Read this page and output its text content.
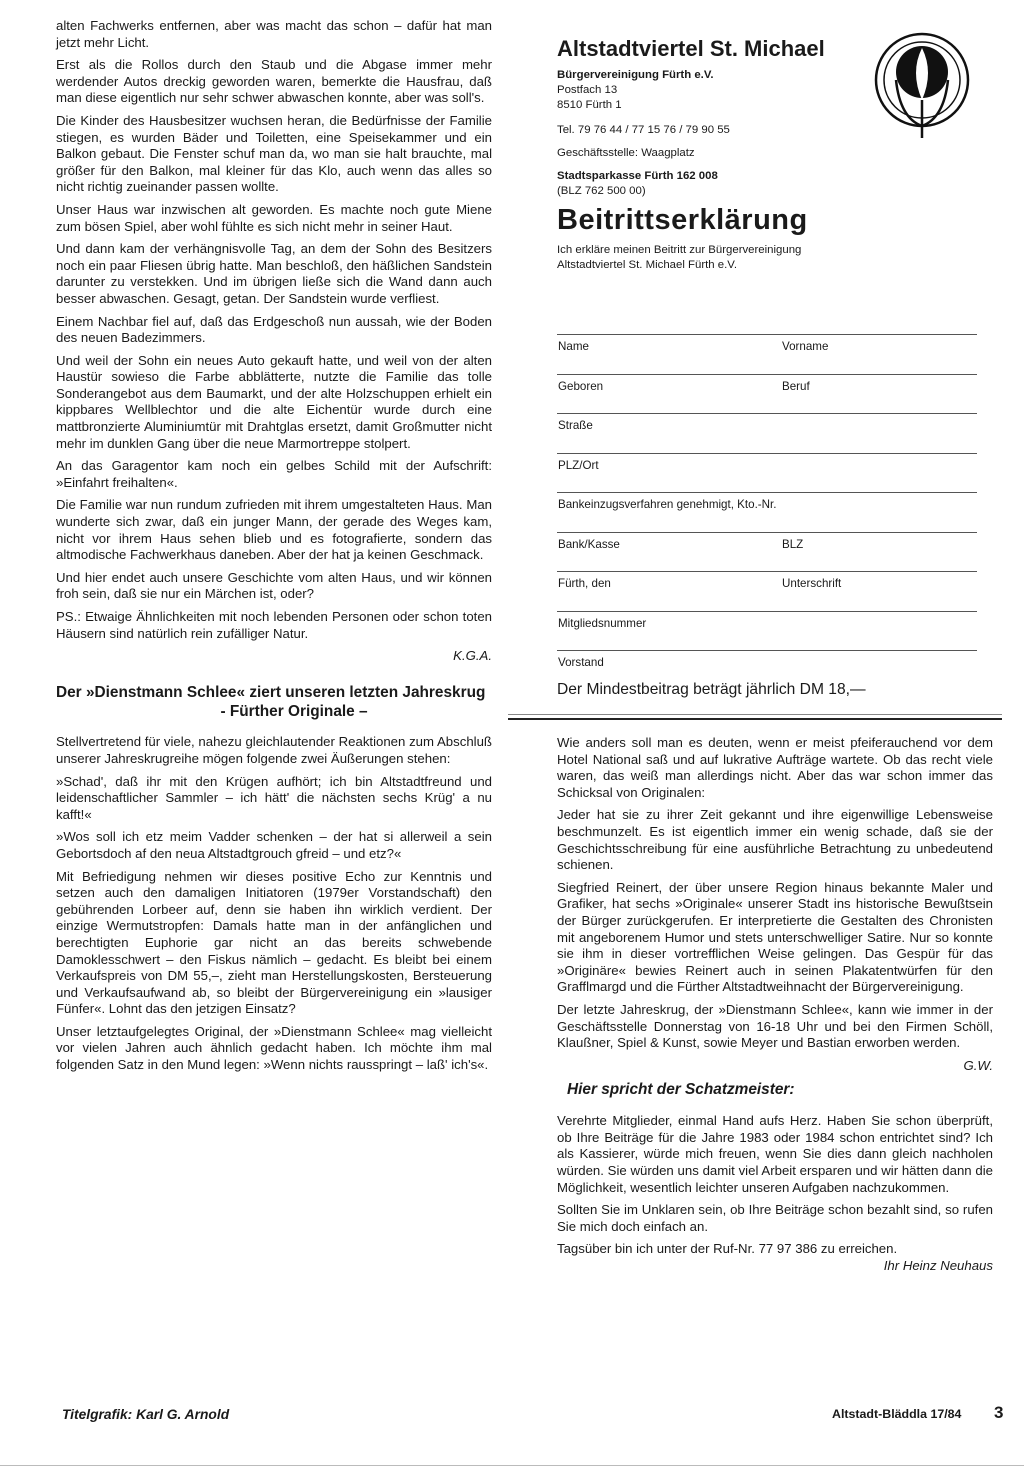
alten Fachwerks entfernen, aber was macht das schon – dafür hat man jetzt mehr Licht.

Erst als die Rollos durch den Staub und die Abgase immer mehr werdender Autos dreckig geworden waren, bemerkte die Hausfrau, daß man diese eigentlich nur sehr schwer abwaschen konnte, aber was soll's.

Die Kinder des Hausbesitzer wuchsen heran, die Bedürfnisse der Familie stiegen, es wurden Bäder und Toiletten, eine Speisekammer und ein Balkon gebaut. Die Fenster schuf man da, wo man sie halt brauchte, mal größer für den Balkon, mal kleiner für das Klo, auch wenn das alles so nicht richtig zueinander passen wollte.

Unser Haus war inzwischen alt geworden. Es machte noch gute Miene zum bösen Spiel, aber wohl fühlte es sich nicht mehr in seiner Haut.

Und dann kam der verhängnisvolle Tag, an dem der Sohn des Besitzers noch ein paar Fliesen übrig hatte. Man beschloß, den häßlichen Sandstein darunter zu verstekken. Und im übrigen ließe sich die Wand dann auch besser abwaschen. Gesagt, getan. Der Sandstein wurde verfliest.

Einem Nachbar fiel auf, daß das Erdgeschoß nun aussah, wie der Boden des neuen Badezimmers.

Und weil der Sohn ein neues Auto gekauft hatte, und weil von der alten Haustür sowieso die Farbe abblätterte, nutzte die Familie das tolle Sonderangebot aus dem Baumarkt, und der alte Holzschuppen erhielt ein kippbares Wellblechtor und die alte Eichentür wurde durch eine mattbronzierte Aluminiumtür mit Drahtglas ersetzt, damit Großmutter nicht mehr im dunklen Gang über die neue Marmortreppe stolpert.

An das Garagentor kam noch ein gelbes Schild mit der Aufschrift: »Einfahrt freihalten«.

Die Familie war nun rundum zufrieden mit ihrem umgestalteten Haus. Man wunderte sich zwar, daß ein junger Mann, der gerade des Weges kam, nicht vor ihrem Haus sehen blieb und es fotografierte, sondern das altmodische Fachwerkhaus daneben. Aber der hat ja keinen Geschmack.

Und hier endet auch unsere Geschichte vom alten Haus, und wir können froh sein, daß sie nur ein Märchen ist, oder?

PS.: Etwaige Ähnlichkeiten mit noch lebenden Personen oder schon toten Häusern sind natürlich rein zufälliger Natur.

K.G.A.

Der »Dienstmann Schlee« ziert unseren letzten Jahreskrug
- Fürther Originale –

Stellvertretend für viele, nahezu gleichlautender Reaktionen zum Abschluß unserer Jahreskrugreihe mögen folgende zwei Äußerungen stehen:

»Schad', daß ihr mit den Krügen aufhört; ich bin Altstadtfreund und leidenschaftlicher Sammler – ich hätt' die nächsten sechs Krüg' a nu kafft!«

»Wos soll ich etz meim Vadder schenken – der hat si allerweil a sein Gebortsdoch af den neua Altstadtgrouch gfreid – und etz?«

Mit Befriedigung nehmen wir dieses positive Echo zur Kenntnis und setzen auch den damaligen Initiatoren (1979er Vorstandschaft) den gebührenden Lorbeer auf, denn sie haben ihn wirklich verdient. Der einzige Wermutstropfen: Damals hatte man in der anfänglichen und berechtigten Euphorie gar nicht an das bereits schwebende Damoklesschwert – den Fiskus nämlich – gedacht. Es bleibt bei einem Verkaufspreis von DM 55,–, zieht man Herstellungskosten, Bersteuerung und Verkaufsaufwand ab, so bleibt der Bürgervereinigung ein »lausiger Fünfer«. Lohnt das den jetzigen Einsatz?

Unser letztaufgelegtes Original, der »Dienstmann Schlee« mag vielleicht vor vielen Jahren auch ähnlich gedacht haben. Ich möchte ihm mal folgenden Satz in den Mund legen: »Wenn nichts rausspringt – laß' ich's«.

Altstadtviertel St. Michael
Bürgervereinigung Fürth e.V.
Postfach 13
8510 Fürth 1
Tel. 79 76 44 / 77 15 76 / 79 90 55
Geschäftsstelle: Waagplatz
Stadtsparkasse Fürth 162 008
(BLZ 762 500 00)
Beitrittserklärung
Ich erkläre meinen Beitritt zur Bürgervereinigung
Altstadtviertel St. Michael Fürth e.V.
Name	Vorname
Geboren	Beruf
Straße
PLZ/Ort
Bankeinzugsverfahren genehmigt, Kto.-Nr.
Bank/Kasse	BLZ
Fürth, den	Unterschrift
Mitgliedsnummer
Vorstand
Der Mindestbeitrag beträgt jährlich DM 18,—

Wie anders soll man es deuten, wenn er meist pfeiferauchend vor dem Hotel National saß und auf lukrative Aufträge wartete. Ob das recht viele waren, das weiß man allerdings nicht. Aber das war schon immer das Schicksal von Originalen:

Jeder hat sie zu ihrer Zeit gekannt und ihre eigenwillige Lebensweise beschmunzelt. Es ist eigentlich immer ein wenig schade, daß sie der Geschichtsschreibung für eine ausführliche Betrachtung zu unbedeutend schienen.

Siegfried Reinert, der über unsere Region hinaus bekannte Maler und Grafiker, hat sechs »Originale« unserer Stadt ins historische Bewußtsein der Bürger zurückgerufen. Er interpretierte die Gestalten des Chronisten mit angeborenem Humor und stets unterschwelliger Satire. Nur so konnte sie ihm in dieser vortrefflichen Weise gelingen. Das Gespür für das »Originäre« bewies Reinert auch in seinen Plakatentwürfen für den Grafflmargd und die Fürther Altstadtweihnacht der Bürgervereinigung.

Der letzte Jahreskrug, der »Dienstmann Schlee«, kann wie immer in der Geschäftsstelle Donnerstag von 16-18 Uhr und bei den Firmen Schöll, Klaußner, Spiel & Kunst, sowie Meyer und Bastian erworben werden.

G.W.

Hier spricht der Schatzmeister:

Verehrte Mitglieder, einmal Hand aufs Herz. Haben Sie schon überprüft, ob Ihre Beiträge für die Jahre 1983 oder 1984 schon entrichtet sind? Ich als Kassierer, würde mich freuen, wenn Sie dies dann gleich nachholen würden. Sie würden uns damit viel Arbeit ersparen und wir hätten dann die Möglichkeit, wesentlich leichter unseren Aufgaben nachzukommen.

Sollten Sie im Unklaren sein, ob Ihre Beiträge schon bezahlt sind, so rufen Sie mich doch einfach an.

Tagsüber bin ich unter der Ruf-Nr. 77 97 386 zu erreichen.

Ihr Heinz Neuhaus

Titelgrafik: Karl G. Arnold	Altstadt-Bläddla 17/84 3
